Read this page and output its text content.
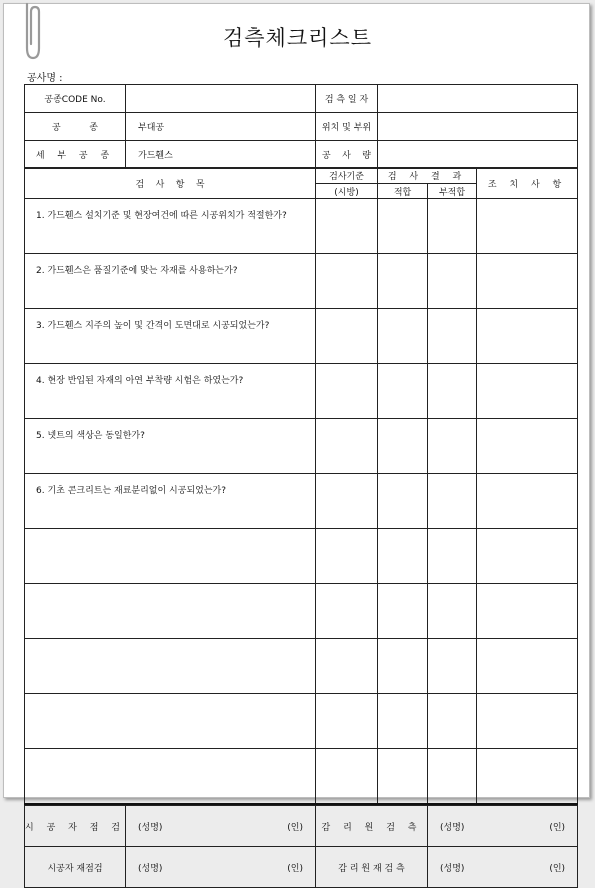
검측체크리스트
공사명 :
공종CODE No.		검 측 일 자	
공          종	부대공	위치 및 부위	
세 부 공 종	가드휀스	공    사    량	
검    사    항    목		검사기준	검 사 결 과		조 치 사 항
		(시방)	적합	부적합	
1. 가드휀스 설치기준 및 현장여건에 따른 시공위치가 적절한가?					
2. 가드휀스은 품질기준에 맞는 자재를 사용하는가?					
3. 가드휀스 지주의 높이 및 간격이 도면대로 시공되었는가?					
4. 현장 반입된 자재의 아연 부착량 시험은 하였는가?					
5. 넷트의 색상은 동일한가?					
6. 기초 콘크리트는 재료분리없이 시공되었는가?					

시 공 자 점 검	(성명) (인)	감 리 원 검 측		(성명) (인)	

시공자 재점검	(성명) (인)	감 리 원 재 검 측		(성명) (인)	
